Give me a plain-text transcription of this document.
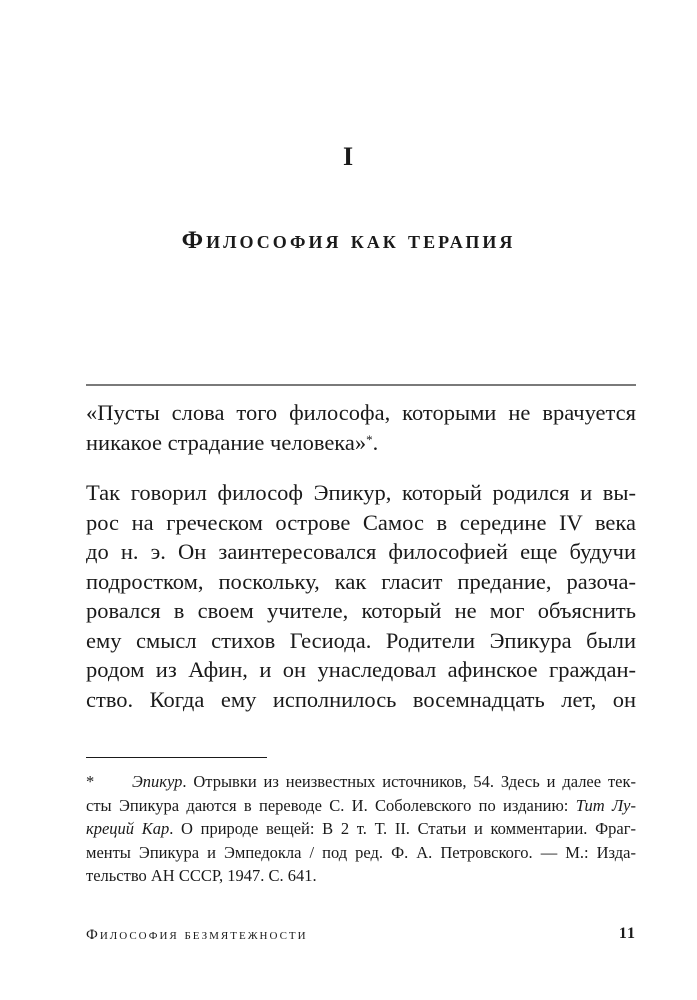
I
Философия как терапия
«Пусты слова того философа, которыми не врачуется
никакое страдание человека»*.
Так говорил философ Эпикур, который родился и вы-
рос на греческом острове Самос в середине IV века
до н. э. Он заинтересовался философией еще будучи
подростком, поскольку, как гласит предание, разоча-
ровался в своем учителе, который не мог объяснить
ему смысл стихов Гесиода. Родители Эпикура были
родом из Афин, и он унаследовал афинское граждан-
ство. Когда ему исполнилось восемнадцать лет, он
* Эпикур. Отрывки из неизвестных источников, 54. Здесь и далее тек-
сты Эпикура даются в переводе С. И. Соболевского по изданию: Тит Лу-
креций Кар. О природе вещей: В 2 т. Т. II. Статьи и комментарии. Фраг-
менты Эпикура и Эмпедокла / под ред. Ф. А. Петровского. — М.: Изда-
тельство АН СССР, 1947. С. 641.
Философия безмятежности	11
